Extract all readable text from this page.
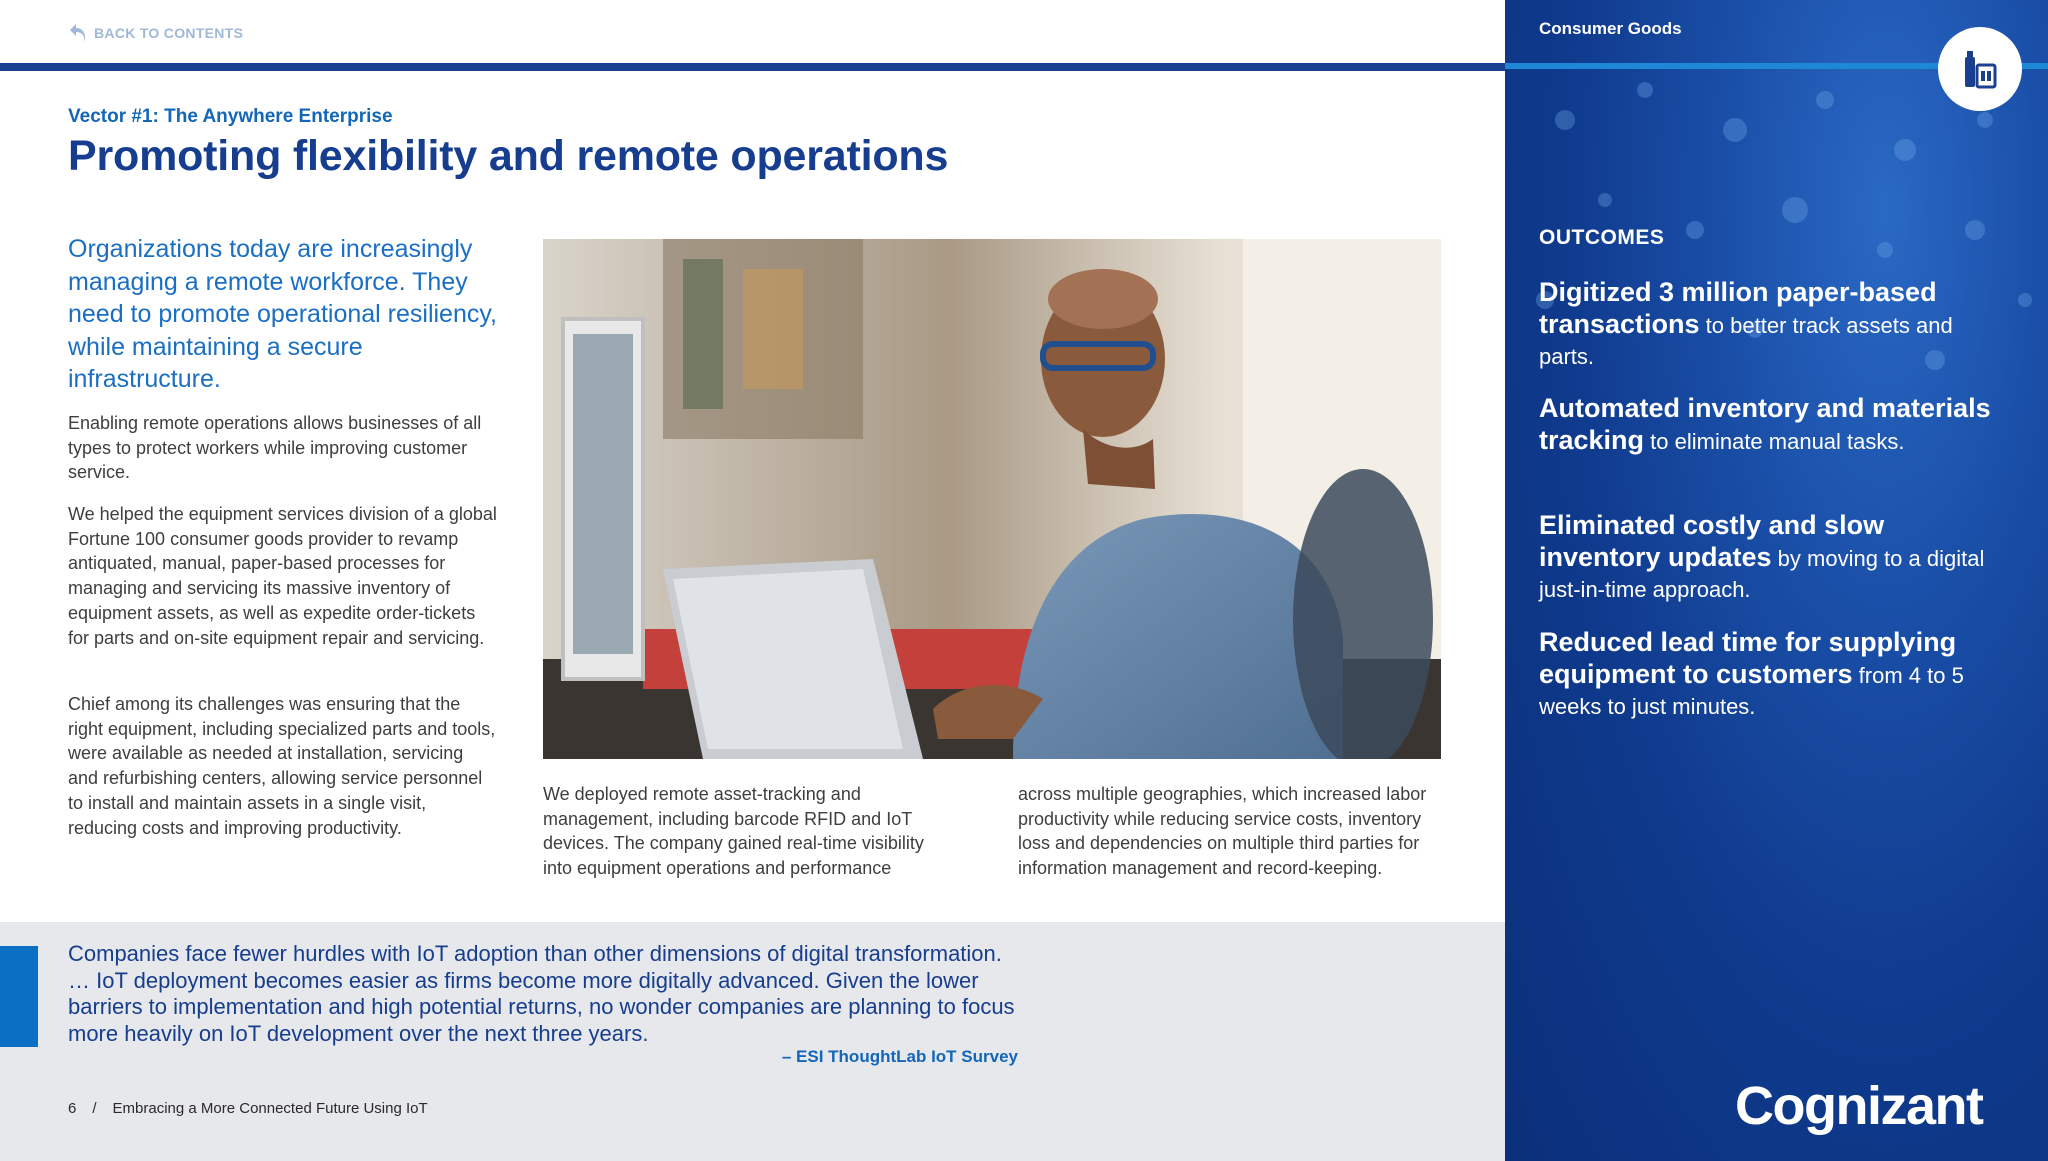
BACK TO CONTENTS
Vector #1: The Anywhere Enterprise
Promoting flexibility and remote operations
Organizations today are increasingly managing a remote workforce. They need to promote operational resiliency, while maintaining a secure infrastructure.
Enabling remote operations allows businesses of all types to protect workers while improving customer service.
We helped the equipment services division of a global Fortune 100 consumer goods provider to revamp antiquated, manual, paper-based processes for managing and servicing its massive inventory of equipment assets, as well as expedite order-tickets for parts and on-site equipment repair and servicing.
Chief among its challenges was ensuring that the right equipment, including specialized parts and tools, were available as needed at installation, servicing and refurbishing centers, allowing service personnel to install and maintain assets in a single visit, reducing costs and improving productivity.
We deployed remote asset-tracking and management, including barcode RFID and IoT devices. The company gained real-time visibility into equipment operations and performance
across multiple geographies, which increased labor productivity while reducing service costs, inventory loss and dependencies on multiple third parties for information management and record-keeping.
Companies face fewer hurdles with IoT adoption than other dimensions of digital transformation. … IoT deployment becomes easier as firms become more digitally advanced. Given the lower barriers to implementation and high potential returns, no wonder companies are planning to focus more heavily on IoT development over the next three years.
– ESI ThoughtLab IoT Survey
6 / Embracing a More Connected Future Using IoT
Consumer Goods
OUTCOMES
Digitized 3 million paper-based transactions to better track assets and parts.
Automated inventory and materials tracking to eliminate manual tasks.
Eliminated costly and slow inventory updates by moving to a digital just-in-time approach.
Reduced lead time for supplying equipment to customers from 4 to 5 weeks to just minutes.
Cognizant
